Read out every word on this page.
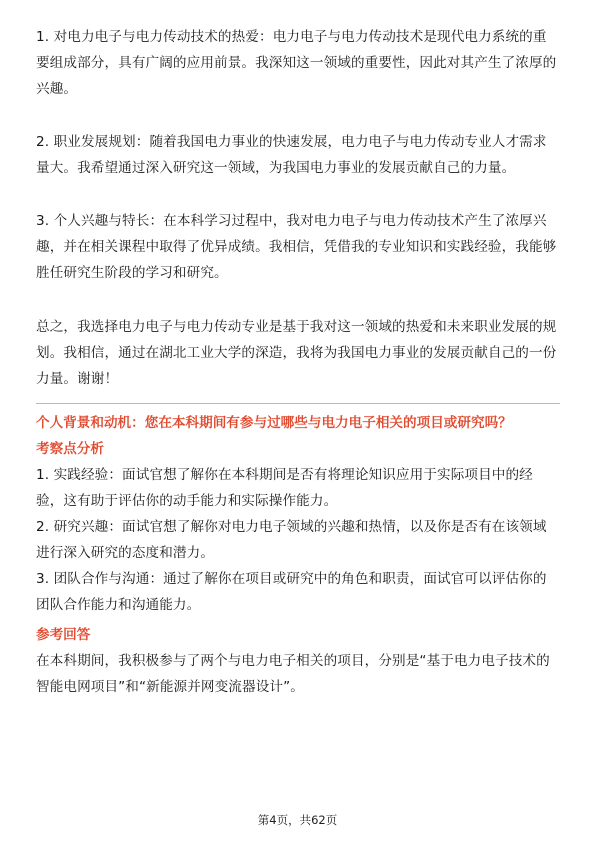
1. 对电力电子与电力传动技术的热爱：电力电子与电力传动技术是现代电力系统的重要组成部分，具有广阔的应用前景。我深知这一领域的重要性，因此对其产生了浓厚的兴趣。

2. 职业发展规划：随着我国电力事业的快速发展，电力电子与电力传动专业人才需求量大。我希望通过深入研究这一领域，为我国电力事业的发展贡献自己的力量。

3. 个人兴趣与特长：在本科学习过程中，我对电力电子与电力传动技术产生了浓厚兴趣，并在相关课程中取得了优异成绩。我相信，凭借我的专业知识和实践经验，我能够胜任研究生阶段的学习和研究。

总之，我选择电力电子与电力传动专业是基于我对这一领域的热爱和未来职业发展的规划。我相信，通过在湖北工业大学的深造，我将为我国电力事业的发展贡献自己的一份力量。谢谢！

个人背景和动机：您在本科期间有参与过哪些与电力电子相关的项目或研究吗？

考察点分析

1. 实践经验：面试官想了解你在本科期间是否有将理论知识应用于实际项目中的经验，这有助于评估你的动手能力和实际操作能力。

2. 研究兴趣：面试官想了解你对电力电子领域的兴趣和热情，以及你是否有在该领域进行深入研究的态度和潜力。

3. 团队合作与沟通：通过了解你在项目或研究中的角色和职责，面试官可以评估你的团队合作能力和沟通能力。

参考回答

在本科期间，我积极参与了两个与电力电子相关的项目，分别是“基于电力电子技术的智能电网项目”和“新能源并网变流器设计”。

第4页，共62页
